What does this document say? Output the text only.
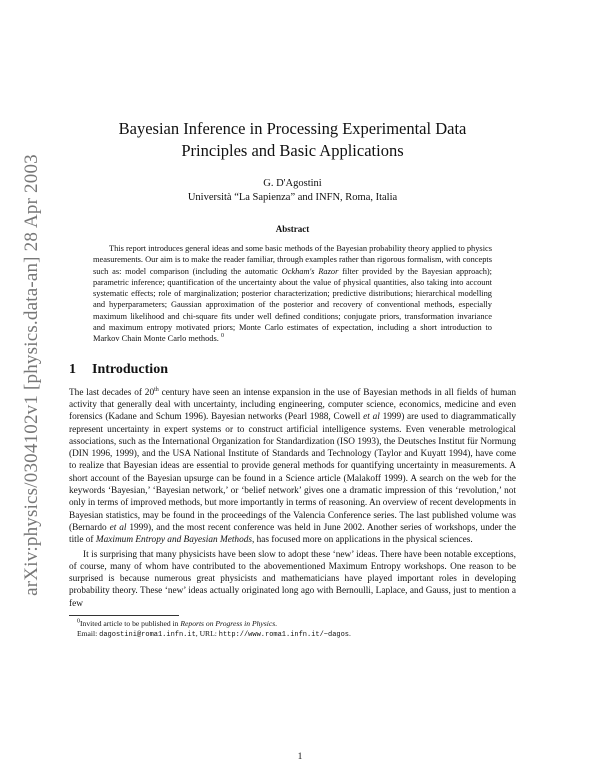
arXiv:physics/0304102v1 [physics.data-an] 28 Apr 2003
Bayesian Inference in Processing Experimental Data
Principles and Basic Applications
G. D'Agostini
Università “La Sapienza” and INFN, Roma, Italia
Abstract
This report introduces general ideas and some basic methods of the Bayesian probability theory applied to physics measurements. Our aim is to make the reader familiar, through examples rather than rigorous formalism, with concepts such as: model comparison (including the automatic Ockham's Razor filter provided by the Bayesian approach); parametric inference; quantification of the uncertainty about the value of physical quantities, also taking into account systematic effects; role of marginalization; posterior characterization; predictive distributions; hierarchical modelling and hyperparameters; Gaussian approximation of the posterior and recovery of conventional methods, especially maximum likelihood and chi-square fits under well defined conditions; conjugate priors, transformation invariance and maximum entropy motivated priors; Monte Carlo estimates of expectation, including a short introduction to Markov Chain Monte Carlo methods. $^0$
1 Introduction

The last decades of 20th century have seen an intense expansion in the use of Bayesian methods in all fields of human activity that generally deal with uncertainty, including engineering, computer science, economics, medicine and even forensics (Kadane and Schum 1996). Bayesian networks (Pearl 1988, Cowell et al 1999) are used to diagrammatically represent uncertainty in expert systems or to construct artificial intelligence systems. Even venerable metrological associations, such as the International Organization for Standardization (ISO 1993), the Deutsches Institut für Normung (DIN 1996, 1999), and the USA National Institute of Standards and Technology (Taylor and Kuyatt 1994), have come to realize that Bayesian ideas are essential to provide general methods for quantifying uncertainty in measurements. A short account of the Bayesian upsurge can be found in a Science article (Malakoff 1999). A search on the web for the keywords ‘Bayesian,’ ‘Bayesian network,’ or ‘belief network’ gives one a dramatic impression of this ‘revolution,’ not only in terms of improved methods, but more importantly in terms of reasoning. An overview of recent developments in Bayesian statistics, may be found in the proceedings of the Valencia Conference series. The last published volume was (Bernardo et al 1999), and the most recent conference was held in June 2002. Another series of workshops, under the title of Maximum Entropy and Bayesian Methods, has focused more on applications in the physical sciences.

It is surprising that many physicists have been slow to adopt these ‘new’ ideas. There have been notable exceptions, of course, many of whom have contributed to the abovementioned Maximum Entropy workshops. One reason to be surprised is because numerous great physicists and mathematicians have played important roles in developing probability theory. These ‘new’ ideas actually originated long ago with Bernoulli, Laplace, and Gauss, just to mention a few

$^0$Invited article to be published in Reports on Progress in Physics.
Email: dagostini@roma1.infn.it, URL: http://www.roma1.infn.it/~dagos.
1
